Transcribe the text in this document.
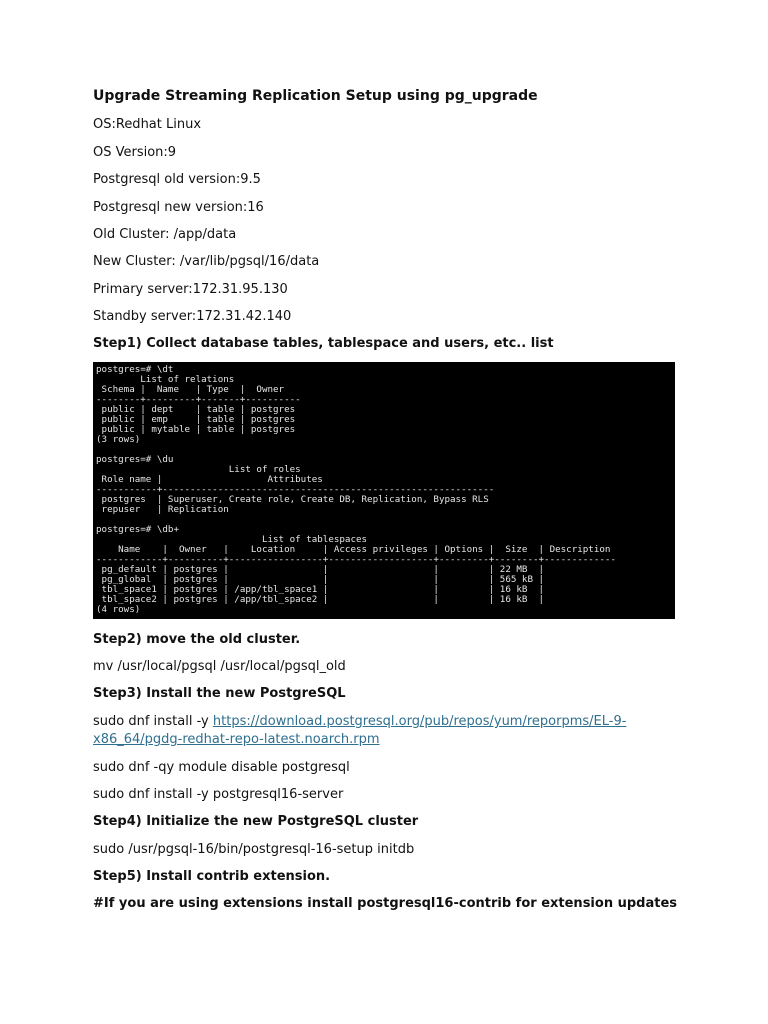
Upgrade Streaming Replication Setup using pg_upgrade
OS:Redhat Linux
OS Version:9
Postgresql old version:9.5
Postgresql new version:16
Old Cluster: /app/data
New Cluster: /var/lib/pgsql/16/data
Primary server:172.31.95.130
Standby server:172.31.42.140
Step1) Collect database tables, tablespace and users, etc.. list
postgres=# \dt
List of relations
Schema |  Name   | Type  |  Owner
--------+---------+-------+----------
public | dept    | table | postgres
public | emp     | table | postgres
public | mytable | table | postgres
(3 rows)
postgres=# \du
List of roles
Role name |                   Attributes
-----------+------------------------------------------------------------
postgres  | Superuser, Create role, Create DB, Replication, Bypass RLS
repuser   | Replication
postgres=# \db+
List of tablespaces
Name    |  Owner   |    Location     | Access privileges | Options |  Size  | Description
------------+----------+-----------------+-------------------+---------+--------+-------------
pg_default | postgres |                 |                   |         | 22 MB  |
pg_global  | postgres |                 |                   |         | 565 kB |
tbl_space1 | postgres | /app/tbl_space1 |                   |         | 16 kB  |
tbl_space2 | postgres | /app/tbl_space2 |                   |         | 16 kB  |
(4 rows)
Step2) move the old cluster.
mv /usr/local/pgsql /usr/local/pgsql_old
Step3) Install the new PostgreSQL
sudo dnf install -y https://download.postgresql.org/pub/repos/yum/reporpms/EL-9-
x86_64/pgdg-redhat-repo-latest.noarch.rpm
sudo dnf -qy module disable postgresql
sudo dnf install -y postgresql16-server
Step4) Initialize the new PostgreSQL cluster
sudo /usr/pgsql-16/bin/postgresql-16-setup initdb
Step5) Install contrib extension.
#If you are using extensions install postgresql16-contrib for extension updates
